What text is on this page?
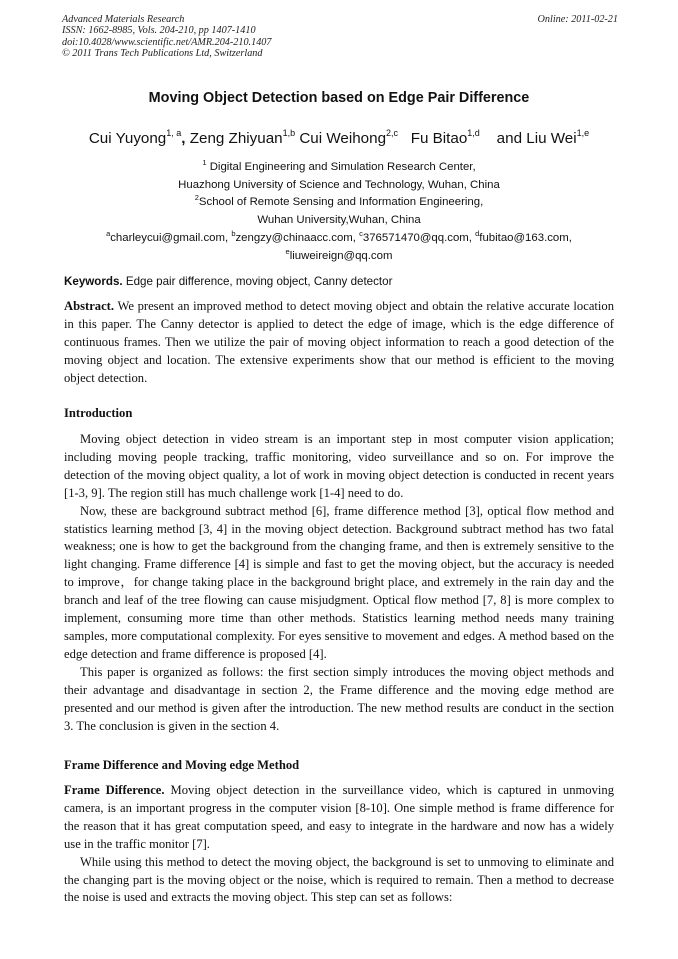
Advanced Materials Research
ISSN: 1662-8985, Vols. 204-210, pp 1407-1410
doi:10.4028/www.scientific.net/AMR.204-210.1407
© 2011 Trans Tech Publications Ltd, Switzerland
Online: 2011-02-21
Moving Object Detection based on Edge Pair Difference
Cui Yuyong$^{1, a}$, Zeng Zhiyuan$^{1,b}$ Cui Weihong$^{2,c}$ Fu Bitao$^{1,d}$    and Liu Wei$^{1,e}$
$^1$ Digital Engineering and Simulation Research Center,
Huazhong University of Science and Technology, Wuhan, China
$^2$School of Remote Sensing and Information Engineering,
Wuhan University,Wuhan, China
$^a$charleycui@gmail.com, $^b$zengzy@chinaacc.com, $^c$376571470@qq.com, $^d$fubitao@163.com,
$^e$liuweireign@qq.com
Keywords. Edge pair difference, moving object, Canny detector

Abstract. We present an improved method to detect moving object and obtain the relative accurate location in this paper. The Canny detector is applied to detect the edge of image, which is the edge difference of continuous frames. Then we utilize the pair of moving object information to reach a good detection of the moving object and location. The extensive experiments show that our method is efficient to the moving object detection.

Introduction

Moving object detection in video stream is an important step in most computer vision application; including moving people tracking, traffic monitoring, video surveillance and so on. For improve the detection of the moving object quality, a lot of work in moving object detection is conducted in recent years [1-3, 9]. The region still has much challenge work [1-4] need to do.

Now, these are background subtract method [6], frame difference method [3], optical flow method and statistics learning method [3, 4] in the moving object detection. Background subtract method has two fatal weakness; one is how to get the background from the changing frame, and then is extremely sensitive to the light changing. Frame difference [4] is simple and fast to get the moving object, but the accuracy is needed to improve，for change taking place in the background bright place, and extremely in the rain day and the branch and leaf of the tree flowing can cause misjudgment. Optical flow method [7, 8] is more complex to implement, consuming more time than other methods. Statistics learning method needs many training samples, more computational complexity. For eyes sensitive to movement and edges. A method based on the edge detection and frame difference is proposed [4].

This paper is organized as follows: the first section simply introduces the moving object methods and their advantage and disadvantage in section 2, the Frame difference and the moving edge method are presented and our method is given after the introduction. The new method results are conduct in the section 3. The conclusion is given in the section 4.

Frame Difference and Moving edge Method

Frame Difference. Moving object detection in the surveillance video, which is captured in unmoving camera, is an important progress in the computer vision [8-10]. One simple method is frame difference for the reason that it has great computation speed, and easy to integrate in the hardware and now has a widely use in the traffic monitor [7].

While using this method to detect the moving object, the background is set to unmoving to eliminate and the changing part is the moving object or the noise, which is required to remain. Then a method to decrease the noise is used and extracts the moving object. This step can set as follows:
